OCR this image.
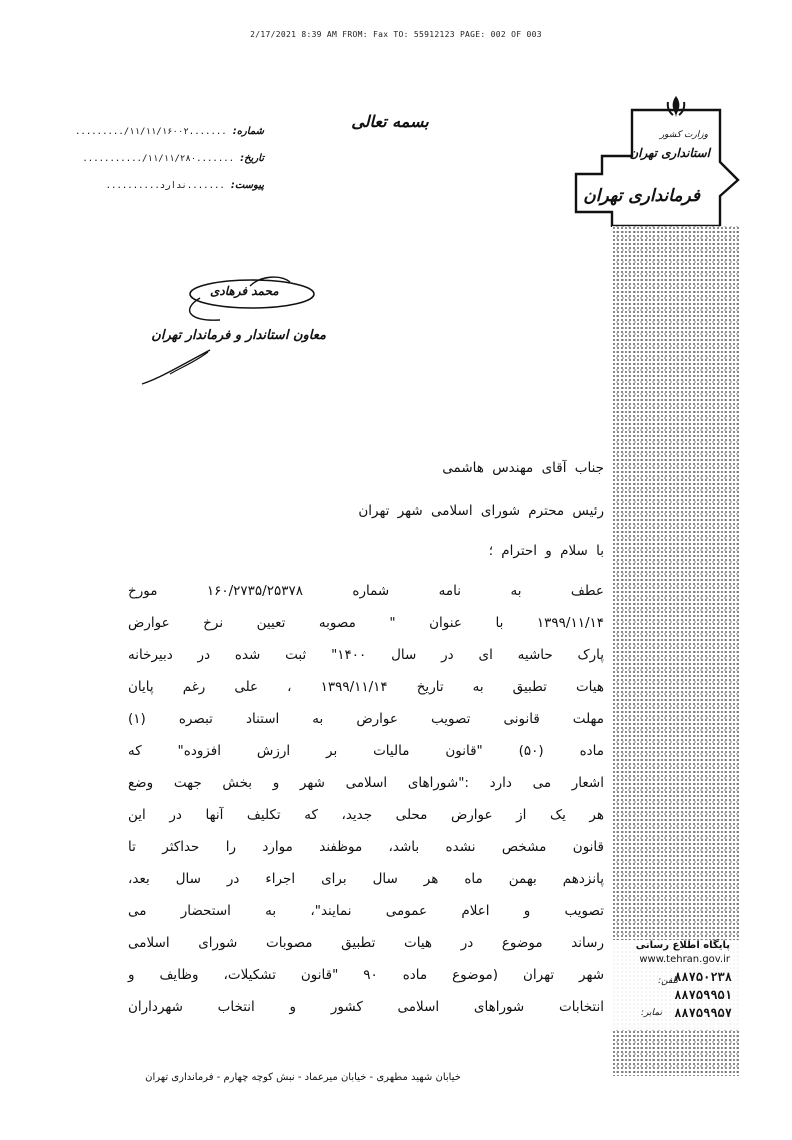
2/17/2021 8:39 AM FROM: Fax TO: 55912123 PAGE: 002 OF 003
شماره:
........./۱۱/۱۱/۱۶۰۰۲.......
تاریخ:
.........../۱۱/۱۱/۲۸۰.......
پیوست:
..........ندارد.......
بسمه تعالی
وزارت کشور
استانداری تهران
فرمانداری تهران
محمد فرهادی
معاون استاندار و فرماندار تهران
پایگاه اطلاع رسانی
www.tehran.gov.ir
۸۸۷۵۰۲۳۸
تلفن:
۸۸۷۵۹۹۵۱
۸۸۷۵۹۹۵۷
نمابر:
جناب آقای مهندس هاشمی
رئیس محترم شورای اسلامی شهر تهران
با سلام و احترام ؛
عطف به نامه شماره ۱۶۰/۲۷۳۵/۲۵۳۷۸ مورخ
۱۳۹۹/۱۱/۱۴ با عنوان " مصوبه تعیین نرخ عوارض
پارک حاشیه ای در سال ۱۴۰۰" ثبت شده در دبیرخانه
هیات تطبیق به تاریخ ۱۳۹۹/۱۱/۱۴ ، علی رغم پایان
مهلت قانونی تصویب عوارض به استناد تبصره (۱)
ماده (۵۰) "قانون مالیات بر ارزش افزوده" که
اشعار می دارد :"شوراهای اسلامی شهر و بخش جهت وضع
هر یک از عوارض محلی جدید، که تکلیف آنها در این
قانون مشخص نشده باشد، موظفند موارد را حداکثر تا
پانزدهم بهمن ماه هر سال برای اجراء در سال بعد،
تصویب و اعلام عمومی نمایند"، به استحضار می
رساند موضوع در هیات تطبیق مصوبات شورای اسلامی
شهر تهران (موضوع ماده ۹۰ "قانون تشکیلات، وظایف و
انتخابات شوراهای اسلامی کشور و انتخاب شهرداران
خیابان شهید مطهری - خیابان میرعماد - نبش کوچه چهارم - فرمانداری تهران
